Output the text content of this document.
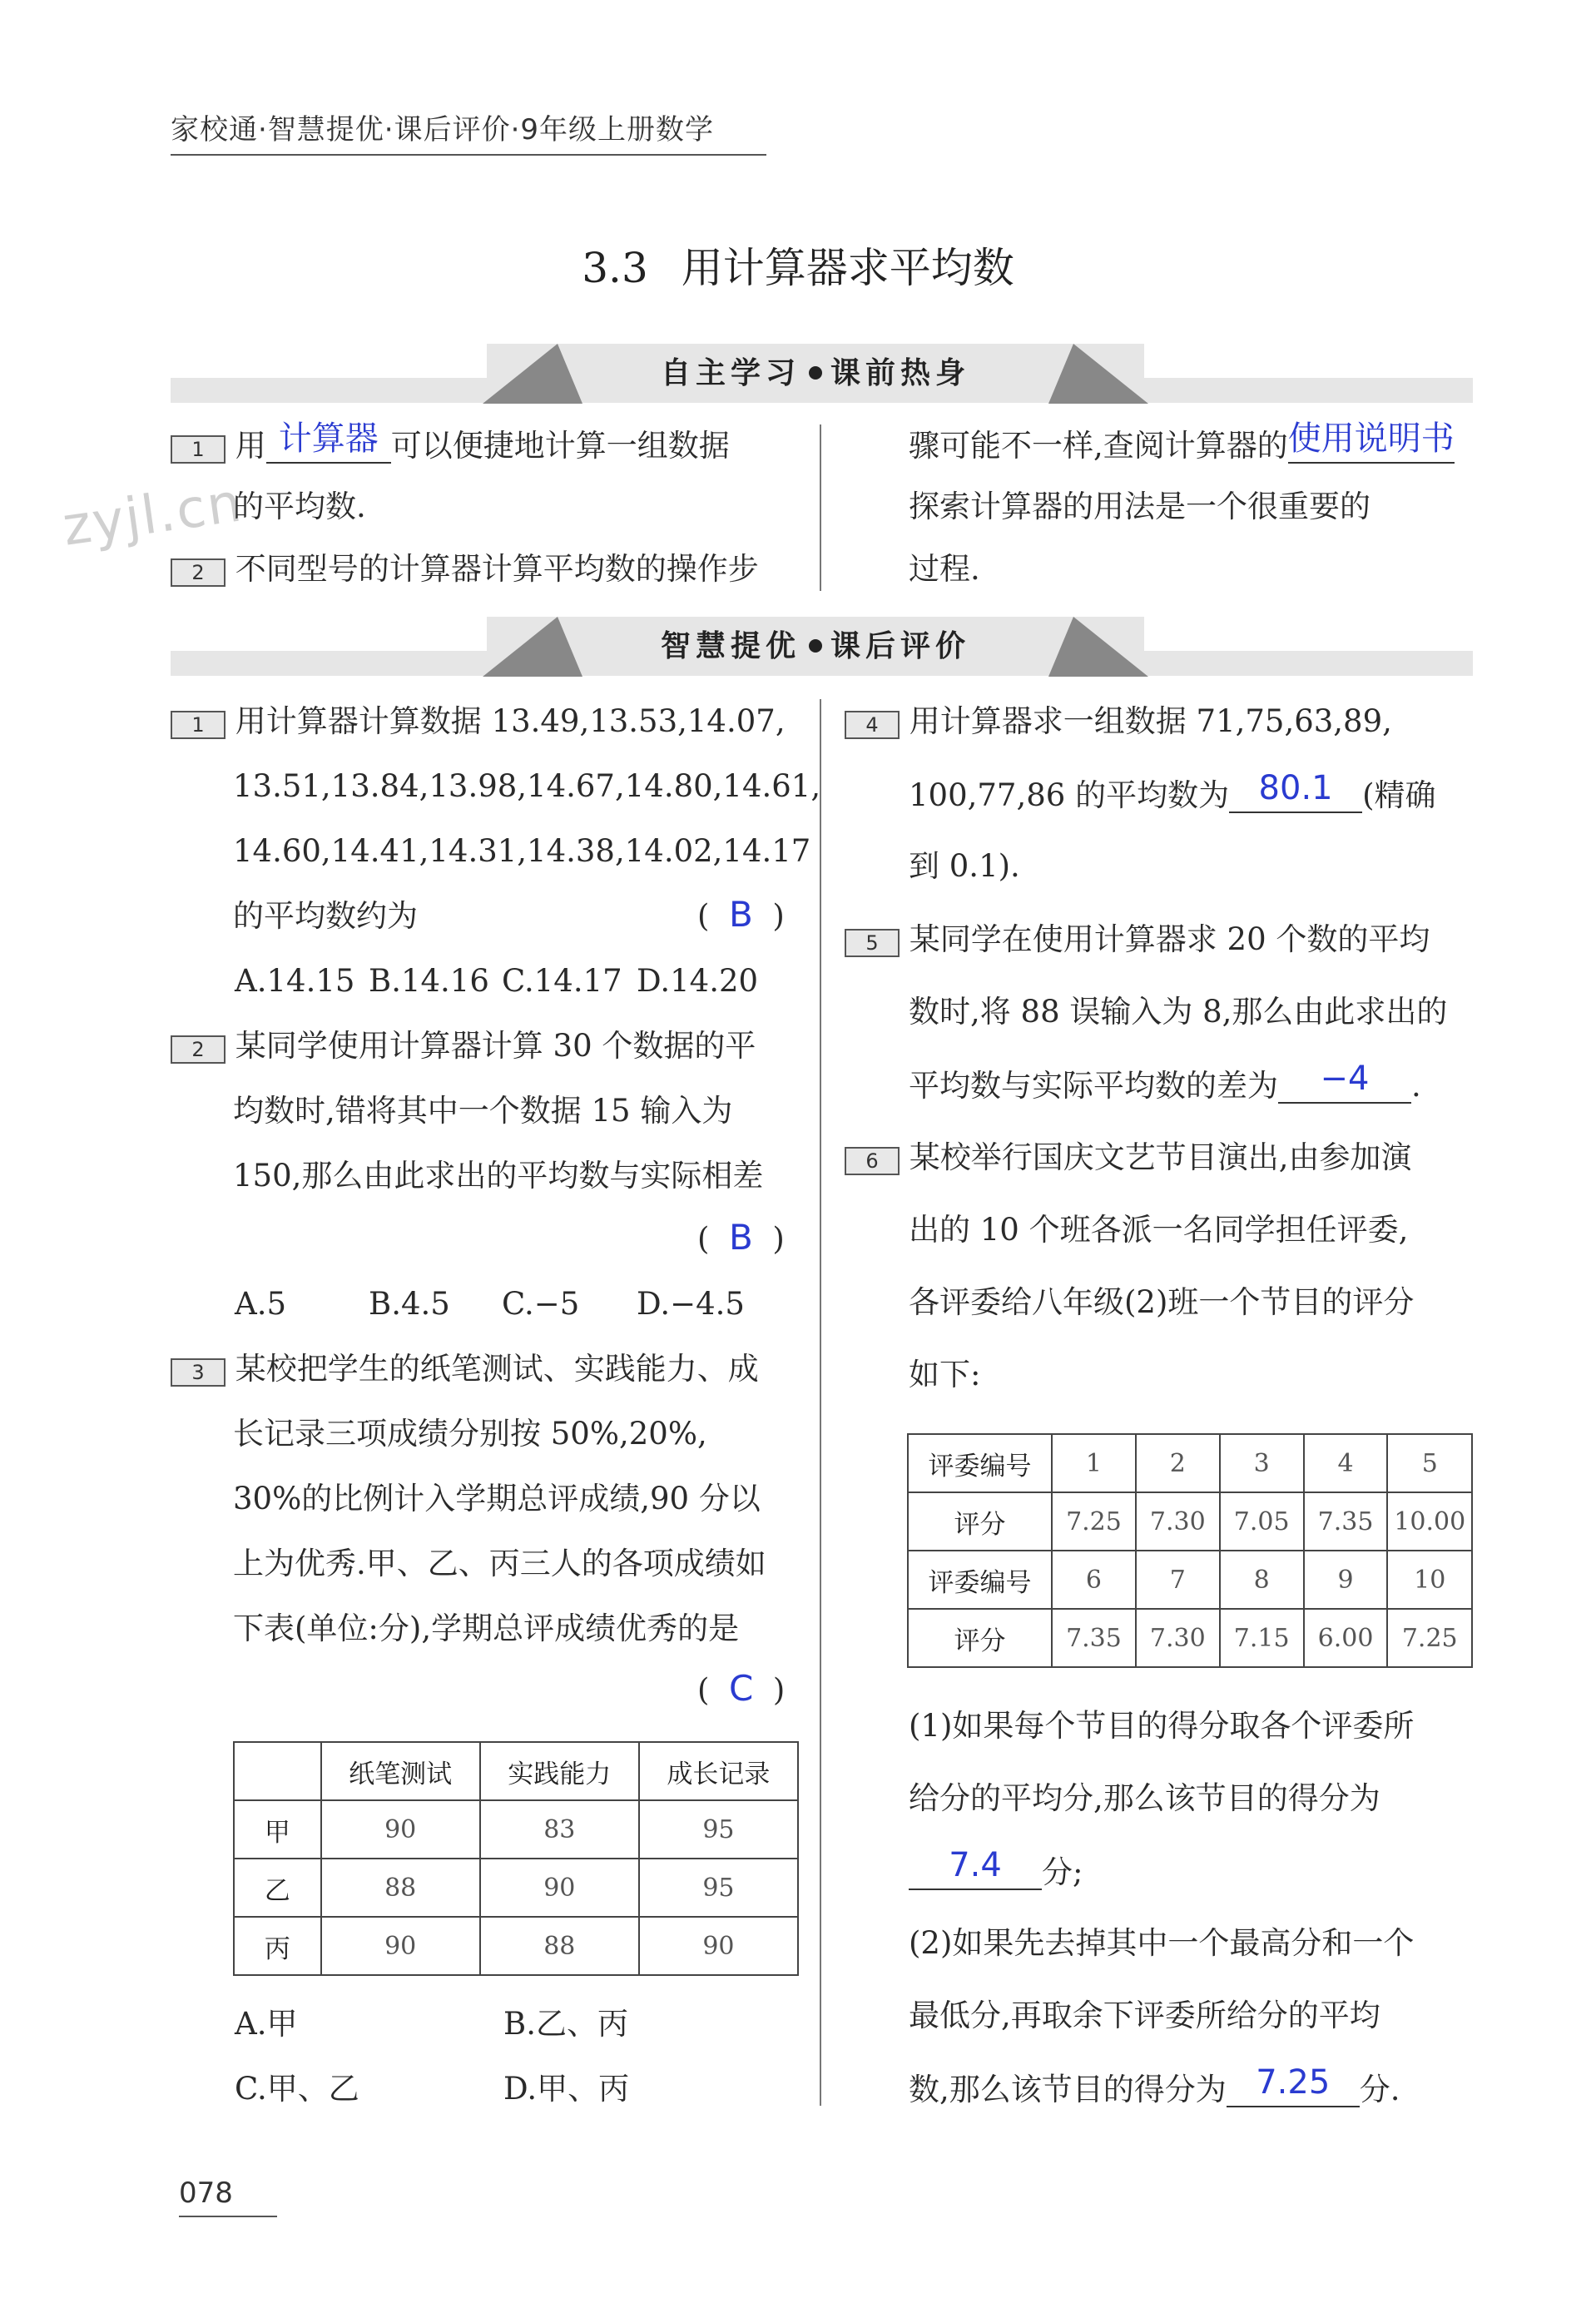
家校通·智慧提优·课后评价·9年级上册数学
zyjl.cn
3.3 用计算器求平均数
自主学习 课前热身
1 用 计算器 可以便捷地计算一组数据
的平均数.
2 不同型号的计算器计算平均数的操作步
骤可能不一样,查阅计算器的使用说明书
探索计算器的用法是一个很重要的
过程.
智慧提优 课后评价
1 用计算器计算数据 13.49,13.53,14.07,
13.51,13.84,13.98,14.67,14.80,14.61,
14.60,14.41,14.31,14.38,14.02,14.17
的平均数约为	(  B  )
A.14.15 B.14.16 C.14.17 D.14.20
2 某同学使用计算器计算 30 个数据的平
均数时,错将其中一个数据 15 输入为
150,那么由此求出的平均数与实际相差
(  B  )
A.5	B.4.5 C.−5 D.−4.5
3 某校把学生的纸笔测试、实践能力、成
长记录三项成绩分别按 50%,20%,
30%的比例计入学期总评成绩,90 分以
上为优秀.甲、乙、丙三人的各项成绩如
下表(单位:分),学期总评成绩优秀的是
(  C  )
	纸笔测试	实践能力	成长记录
甲	90	83	95
乙	88	90	95
丙	90	88	90
A.甲	B.乙、丙
C.甲、乙	D.甲、丙
4 用计算器求一组数据 71,75,63,89,
100,77,86 的平均数为 80.1 (精确
到 0.1).
5 某同学在使用计算器求 20 个数的平均
数时,将 88 误输入为 8,那么由此求出的
平均数与实际平均数的差为 −4 .
6 某校举行国庆文艺节目演出,由参加演
出的 10 个班各派一名同学担任评委,
各评委给八年级(2)班一个节目的评分
如下:
评委编号	1	2	3	4	5
评分	7.25	7.30	7.05	7.35	10.00
评委编号	6	7	8	9	10
评分	7.35	7.30	7.15	6.00	7.25
(1)如果每个节目的得分取各个评委所
给分的平均分,那么该节目的得分为
7.4 分;
(2)如果先去掉其中一个最高分和一个
最低分,再取余下评委所给分的平均
数,那么该节目的得分为 7.25 分.
078
